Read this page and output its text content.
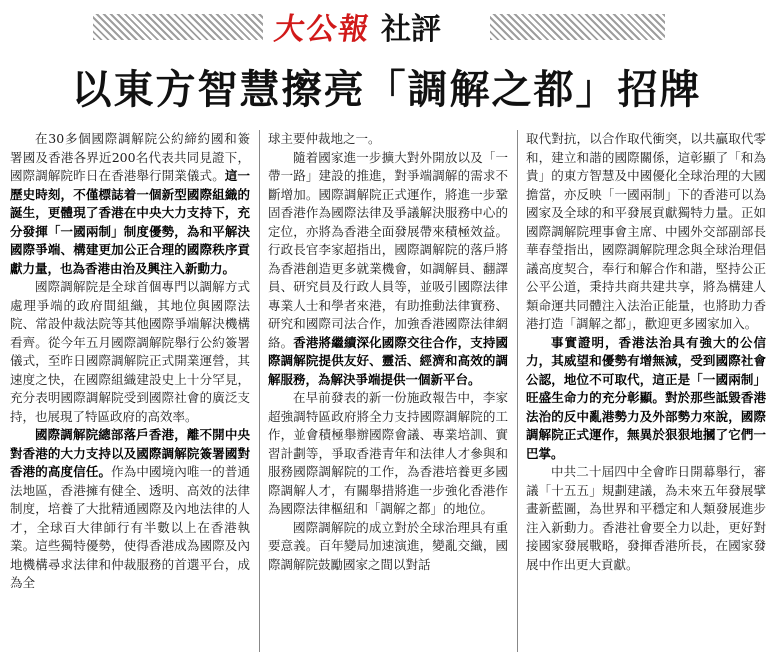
大公報 社評
以東方智慧擦亮「調解之都」招牌

在30多個國際調解院公約締約國和簽署國及香港各界近200名代表共同見證下，國際調解院昨日在香港舉行開業儀式。這一歷史時刻，不僅標誌着一個新型國際組織的誕生，更體現了香港在中央大力支持下，充分發揮「一國兩制」制度優勢，為和平解決國際爭端、構建更加公正合理的國際秩序貢獻力量，也為香港由治及興注入新動力。

國際調解院是全球首個專門以調解方式處理爭端的政府間組織，其地位與國際法院、常設仲裁法院等其他國際爭端解決機構看齊。從今年五月國際調解院舉行公約簽署儀式，至昨日國際調解院正式開業運營，其速度之快，在國際組織建設史上十分罕見，充分表明國際調解院受到國際社會的廣泛支持，也展現了特區政府的高效率。

國際調解院總部落戶香港，離不開中央對香港的大力支持以及國際調解院簽署國對香港的高度信任。作為中國境內唯一的普通法地區，香港擁有健全、透明、高效的法律制度，培養了大批精通國際及內地法律的人才，全球百大律師行有半數以上在香港執業。這些獨特優勢，使得香港成為國際及內地機構尋求法律和仲裁服務的首選平台，成為全

球主要仲裁地之一。

隨着國家進一步擴大對外開放以及「一帶一路」建設的推進，對爭端調解的需求不斷增加。國際調解院正式運作，將進一步鞏固香港作為國際法律及爭議解決服務中心的定位，亦將為香港全面發展帶來積極效益。行政長官李家超指出，國際調解院的落戶將為香港創造更多就業機會，如調解員、翻譯員、研究員及行政人員等，並吸引國際法律專業人士和學者來港，有助推動法律實務、研究和國際司法合作，加強香港國際法律網絡。香港將繼續深化國際交往合作，支持國際調解院提供友好、靈活、經濟和高效的調解服務，為解決爭端提供一個新平台。

在早前發表的新一份施政報告中，李家超強調特區政府將全力支持國際調解院的工作，並會積極舉辦國際會議、專業培訓、實習計劃等，爭取香港青年和法律人才參與和服務國際調解院的工作，為香港培養更多國際調解人才，有關舉措將進一步強化香港作為國際法律樞紐和「調解之都」的地位。

國際調解院的成立對於全球治理具有重要意義。百年變局加速演進，變亂交織，國際調解院鼓勵國家之間以對話

取代對抗，以合作取代衝突，以共贏取代零和，建立和諧的國際關係，這彰顯了「和為貴」的東方智慧及中國優化全球治理的大國擔當，亦反映「一國兩制」下的香港可以為國家及全球的和平發展貢獻獨特力量。正如國際調解院理事會主席、中國外交部副部長華春瑩指出，國際調解院理念與全球治理倡議高度契合，奉行和解合作和諧，堅持公正公平公道，秉持共商共建共享，將為構建人類命運共同體注入法治正能量，也將助力香港打造「調解之都」，歡迎更多國家加入。

事實證明，香港法治具有強大的公信力，其威望和優勢有增無減，受到國際社會公認，地位不可取代，這正是「一國兩制」旺盛生命力的充分彰顯。對於那些詆毀香港法治的反中亂港勢力及外部勢力來說，國際調解院正式運作，無異於狠狠地摑了它們一巴掌。

中共二十屆四中全會昨日開幕舉行，審議「十五五」規劃建議，為未來五年發展擘畫新藍圖，為世界和平穩定和人類發展進步注入新動力。香港社會要全力以赴，更好對接國家發展戰略，發揮香港所長，在國家發展中作出更大貢獻。
